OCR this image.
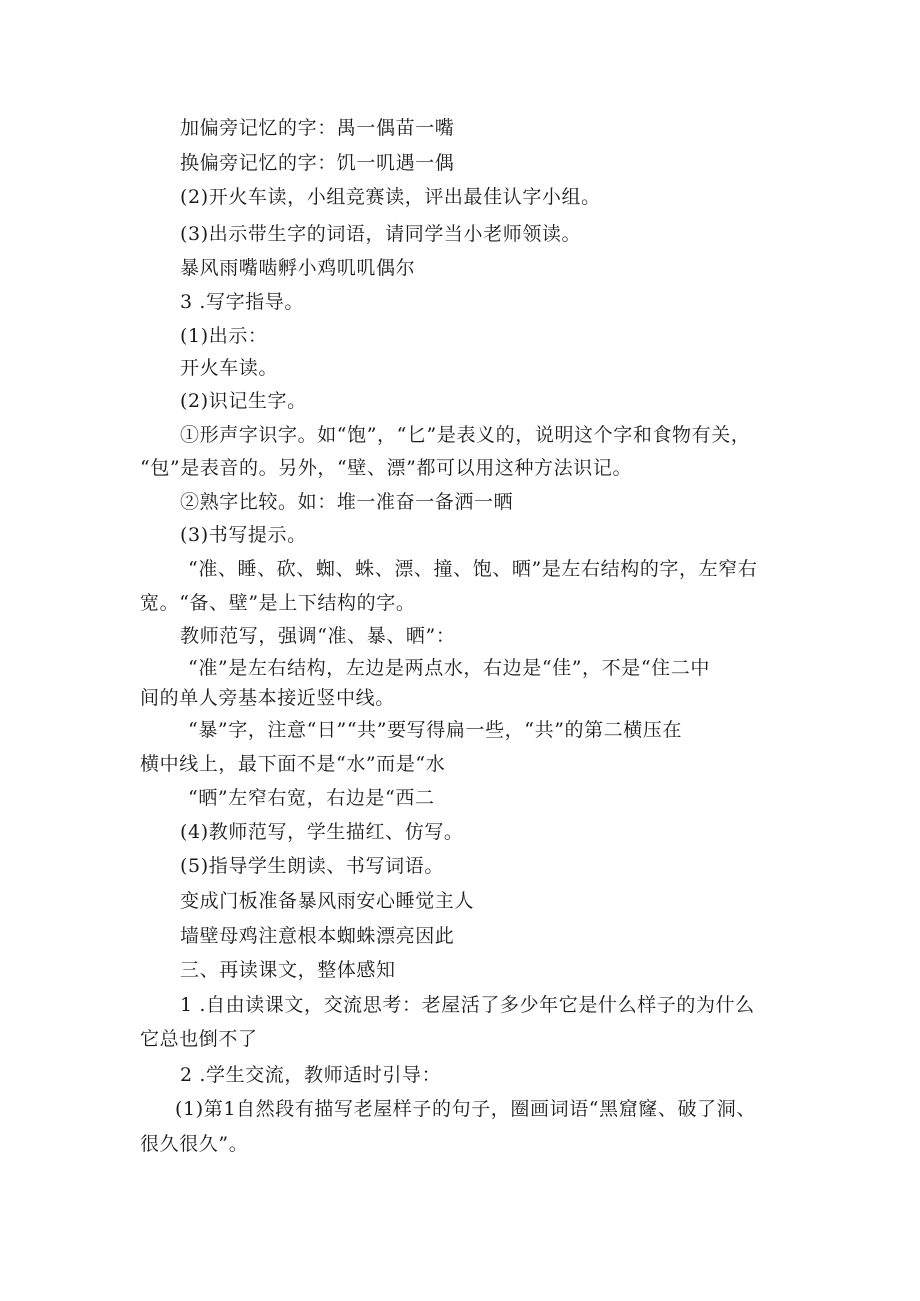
加偏旁记忆的字：禺一偶苗一嘴
换偏旁记忆的字：饥一叽遇一偶
(2)开火车读，小组竞赛读，评出最佳认字小组。
(3)出示带生字的词语，请同学当小老师领读。
暴风雨嘴啮孵小鸡叽叽偶尔
3 .写字指导。
(1)出示：
开火车读。
(2)识记生字。
①形声字识字。如“饱”，“匕”是表义的，说明这个字和食物有关，
“包”是表音的。另外，“壁、漂”都可以用这种方法识记。
②熟字比较。如：堆一准奋一备洒一晒
(3)书写提示。
“准、睡、砍、蜘、蛛、漂、撞、饱、晒”是左右结构的字，左窄右
宽。“备、壁”是上下结构的字。
教师范写，强调“准、暴、晒”：
“准”是左右结构，左边是两点水，右边是“佳”，不是“住二中
间的单人旁基本接近竖中线。
“暴”字，注意“日”“共”要写得扁一些，“共”的第二横压在
横中线上，最下面不是“水”而是“水
“晒”左窄右宽，右边是“西二
(4)教师范写，学生描红、仿写。
(5)指导学生朗读、书写词语。
变成门板准备暴风雨安心睡觉主人
墙壁母鸡注意根本蜘蛛漂亮因此
三、再读课文，整体感知
1 .自由读课文，交流思考：老屋活了多少年它是什么样子的为什么
它总也倒不了
2 .学生交流，教师适时引导：
(1)第1自然段有描写老屋样子的句子，圈画词语“黑窟窿、破了洞、
很久很久”。
